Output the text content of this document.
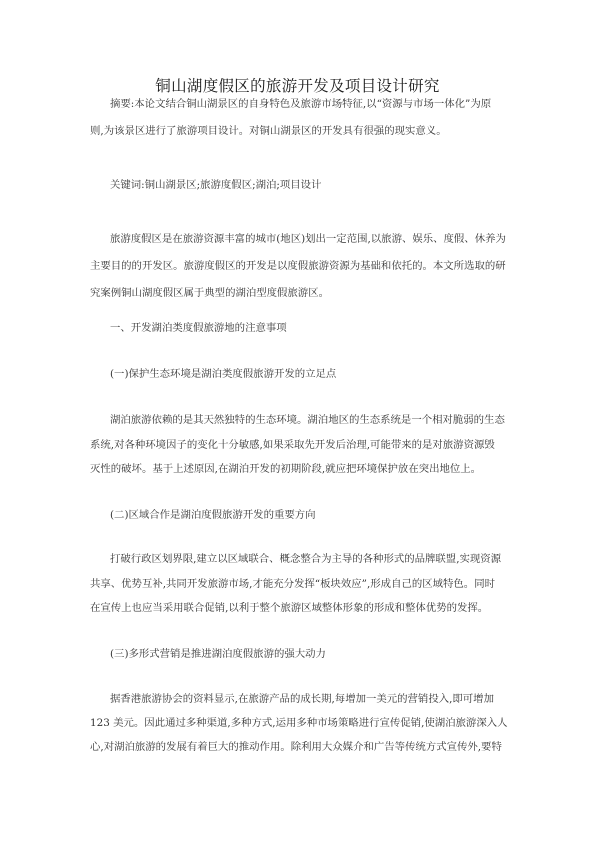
铜山湖度假区的旅游开发及项目设计研究
摘要:本论文结合铜山湖景区的自身特色及旅游市场特征,以“资源与市场一体化”为原
则,为该景区进行了旅游项目设计。对铜山湖景区的开发具有很强的现实意义。
关键词:铜山湖景区;旅游度假区;湖泊;项目设计
旅游度假区是在旅游资源丰富的城市(地区)划出一定范围,以旅游、娱乐、度假、休养为
主要目的的开发区。旅游度假区的开发是以度假旅游资源为基础和依托的。本文所选取的研
究案例铜山湖度假区属于典型的湖泊型度假旅游区。
一、开发湖泊类度假旅游地的注意事项
(一)保护生态环境是湖泊类度假旅游开发的立足点
湖泊旅游依赖的是其天然独特的生态环境。湖泊地区的生态系统是一个相对脆弱的生态
系统,对各种环境因子的变化十分敏感,如果采取先开发后治理,可能带来的是对旅游资源毁
灭性的破坏。基于上述原因,在湖泊开发的初期阶段,就应把环境保护放在突出地位上。
(二)区域合作是湖泊度假旅游开发的重要方向
打破行政区划界限,建立以区域联合、概念整合为主导的各种形式的品牌联盟,实现资源
共享、优势互补,共同开发旅游市场,才能充分发挥“板块效应”,形成自己的区域特色。同时
在宣传上也应当采用联合促销,以利于整个旅游区域整体形象的形成和整体优势的发挥。
(三)多形式营销是推进湖泊度假旅游的强大动力
据香港旅游协会的资料显示,在旅游产品的成长期,每增加一美元的营销投入,即可增加
123 美元。因此通过多种渠道,多种方式,运用多种市场策略进行宣传促销,使湖泊旅游深入人
心,对湖泊旅游的发展有着巨大的推动作用。除利用大众媒介和广告等传统方式宣传外,要特
